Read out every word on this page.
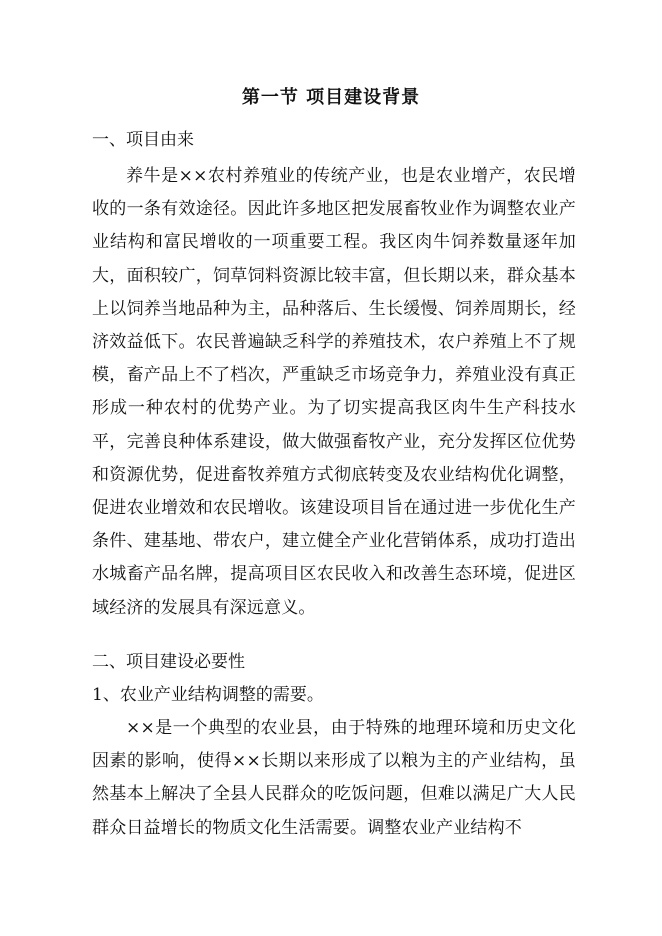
第一节 项目建设背景
一、项目由来

养牛是××农村养殖业的传统产业，也是农业增产，农民增收的一条有效途径。因此许多地区把发展畜牧业作为调整农业产业结构和富民增收的一项重要工程。我区肉牛饲养数量逐年加大，面积较广，饲草饲料资源比较丰富，但长期以来，群众基本上以饲养当地品种为主，品种落后、生长缓慢、饲养周期长，经济效益低下。农民普遍缺乏科学的养殖技术，农户养殖上不了规模，畜产品上不了档次，严重缺乏市场竞争力，养殖业没有真正形成一种农村的优势产业。为了切实提高我区肉牛生产科技水平，完善良种体系建设，做大做强畜牧产业，充分发挥区位优势和资源优势，促进畜牧养殖方式彻底转变及农业结构优化调整，促进农业增效和农民增收。该建设项目旨在通过进一步优化生产条件、建基地、带农户，建立健全产业化营销体系，成功打造出水城畜产品名牌，提高项目区农民收入和改善生态环境，促进区域经济的发展具有深远意义。

二、项目建设必要性
1、农业产业结构调整的需要。

××是一个典型的农业县，由于特殊的地理环境和历史文化因素的影响，使得××长期以来形成了以粮为主的产业结构，虽然基本上解决了全县人民群众的吃饭问题，但难以满足广大人民群众日益增长的物质文化生活需要。调整农业产业结构不
